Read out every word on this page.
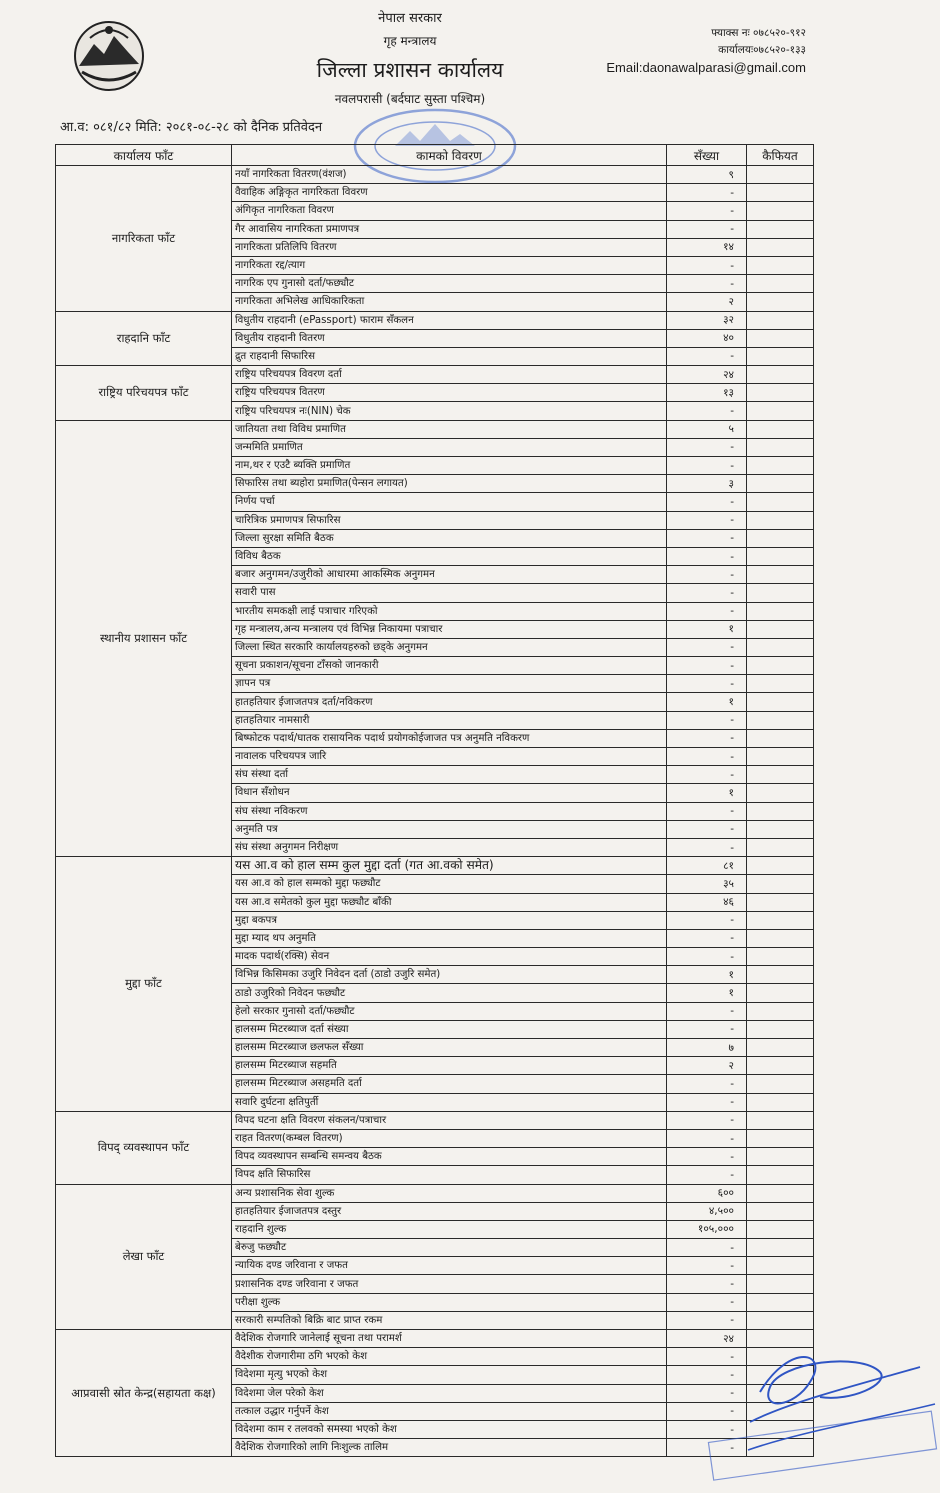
नेपाल सरकार
गृह मन्त्रालय
जिल्ला प्रशासन कार्यालय
नवलपरासी (बर्दघाट सुस्ता पश्चिम)
फ्याक्स नः ०७८५२०-९१२
कार्यालयः०७८५२०-१३३
Email:daonawalparasi@gmail.com
आ.व: ०८१/८२ मिति: २०८१-०८-२८ को दैनिक प्रतिवेदन
कार्यालय फाँट	कामको विवरण	सँख्या	कैफियत
नागरिकता फाँट	नयाँ नागरिकता वितरण(वंशज)	९	
	वैवाहिक अङ्गिकृत नागरिकता विवरण	-	
	अंगिकृत नागरिकता विवरण	-	
	गैर आवासिय नागरिकता प्रमाणपत्र	-	
	नागरिकता प्रतिलिपि वितरण	१४	
	नागरिकता रद्द/त्याग	-	
	नागरिक एप गुनासो दर्ता/फछ्यौट	-	
	नागरिकता अभिलेख आधिकारिकता	२	
राहदानि फाँट	विधुतीय राहदानी (ePassport) फाराम सँकलन	३२	
	विधुतीय राहदानी वितरण	४०	
	द्रुत राहदानी सिफारिस	-	
राष्ट्रिय परिचयपत्र फाँट	राष्ट्रिय परिचयपत्र विवरण दर्ता	२४	
	राष्ट्रिय परिचयपत्र वितरण	१३	
	राष्ट्रिय परिचयपत्र नः(NIN) चेक	-	
स्थानीय प्रशासन फाँट	जातियता तथा विविध प्रमाणित	५	
	जन्ममिति प्रमाणित	-	
	नाम,थर र एउटै ब्यक्ति प्रमाणित	-	
	सिफारिस तथा ब्यहोरा प्रमाणित(पेन्सन लगायत)	३	
	निर्णय पर्चा	-	
	चारित्रिक प्रमाणपत्र सिफारिस	-	
	जिल्ला सुरक्षा समिति बैठक	-	
	विविध बैठक	-	
	बजार अनुगमन/उजुरीको आधारमा आकस्मिक अनुगमन	-	
	सवारी पास	-	
	भारतीय समकक्षी लाई पत्राचार गरिएको	-	
	गृह मन्त्रालय,अन्य मन्त्रालय एवं विभिन्न निकायमा पत्राचार	१	
	जिल्ला स्थित सरकारि कार्यालयहरुको छड्के अनुगमन	-	
	सूचना प्रकाशन/सूचना टाँसको जानकारी	-	
	ज्ञापन पत्र	-	
	हातहतियार ईजाजतपत्र दर्ता/नविकरण	१	
	हातहतियार नामसारी	-	
	बिष्फोटक पदार्थ/घातक रासायनिक पदार्थ प्रयोगकोईजाजत पत्र अनुमति नविकरण	-	
	नावालक परिचयपत्र जारि	-	
	संघ संस्था दर्ता	-	
	विधान सँशोधन	१	
	संघ संस्था नविकरण	-	
	अनुमति पत्र	-	
	संघ संस्था अनुगमन निरीक्षण	-	
मुद्दा फाँट	यस आ.व को हाल सम्म कुल मुद्दा दर्ता (गत आ.वको समेत)	८१	
	यस आ.व को हाल सम्मको मुद्दा फछ्यौट	३५	
	यस आ.व समेतको कुल मुद्दा फछ्यौट बाँकी	४६	
	मुद्दा बकपत्र	-	
	मुद्दा म्याद थप अनुमति	-	
	मादक पदार्थ(रक्सि) सेवन	-	
	विभिन्न किसिमका उजुरि निवेदन दर्ता (ठाडो उजुरि समेत)	१	
	ठाडो उजुरिको निवेदन फछ्यौट	१	
	हेलो सरकार गुनासो दर्ता/फछ्यौट	-	
	हालसम्म मिटरब्याज दर्ता संख्या	-	
	हालसम्म मिटरब्याज छलफल सँख्या	७	
	हालसम्म मिटरब्याज सहमति	२	
	हालसम्म मिटरब्याज असहमति दर्ता	-	
	सवारि दुर्घटना क्षतिपुर्ती	-	
विपद् व्यवस्थापन फाँट	विपद घटना क्षति विवरण संकलन/पत्राचार	-	
	राहत वितरण(कम्बल वितरण)	-	
	विपद व्यवस्थापन सम्बन्धि समन्वय बैठक	-	
	विपद क्षति सिफारिस	-	
लेखा फाँट	अन्य प्रशासनिक सेवा शुल्क	६००	
	हातहतियार ईजाजतपत्र दस्तुर	४,५००	
	राहदानि शुल्क	१०५,०००	
	बेरुजु फछ्यौट	-	
	न्यायिक दण्ड जरिवाना र जफत	-	
	प्रशासनिक दण्ड जरिवाना र जफत	-	
	परीक्षा शुल्क	-	
	सरकारी सम्पतिको बिक्रि बाट प्राप्त रकम	-	
आप्रवासी स्रोत केन्द्र(सहायता कक्ष)	वैदेशिक रोजगारि जानेलाई सूचना तथा परामर्श	२४	
	वैदेशीक रोजगारीमा ठगि भएको केश	-	
	विदेशमा मृत्यु भएको केश	-	
	विदेशमा जेल परेको केश	-	
	तत्काल उद्धार गर्नुपर्ने केश	-	
	विदेशमा काम र तलवको समस्या भएको केश	-	
	वैदेशिक रोजगारिको लागि निःशुल्क तालिम	-	
